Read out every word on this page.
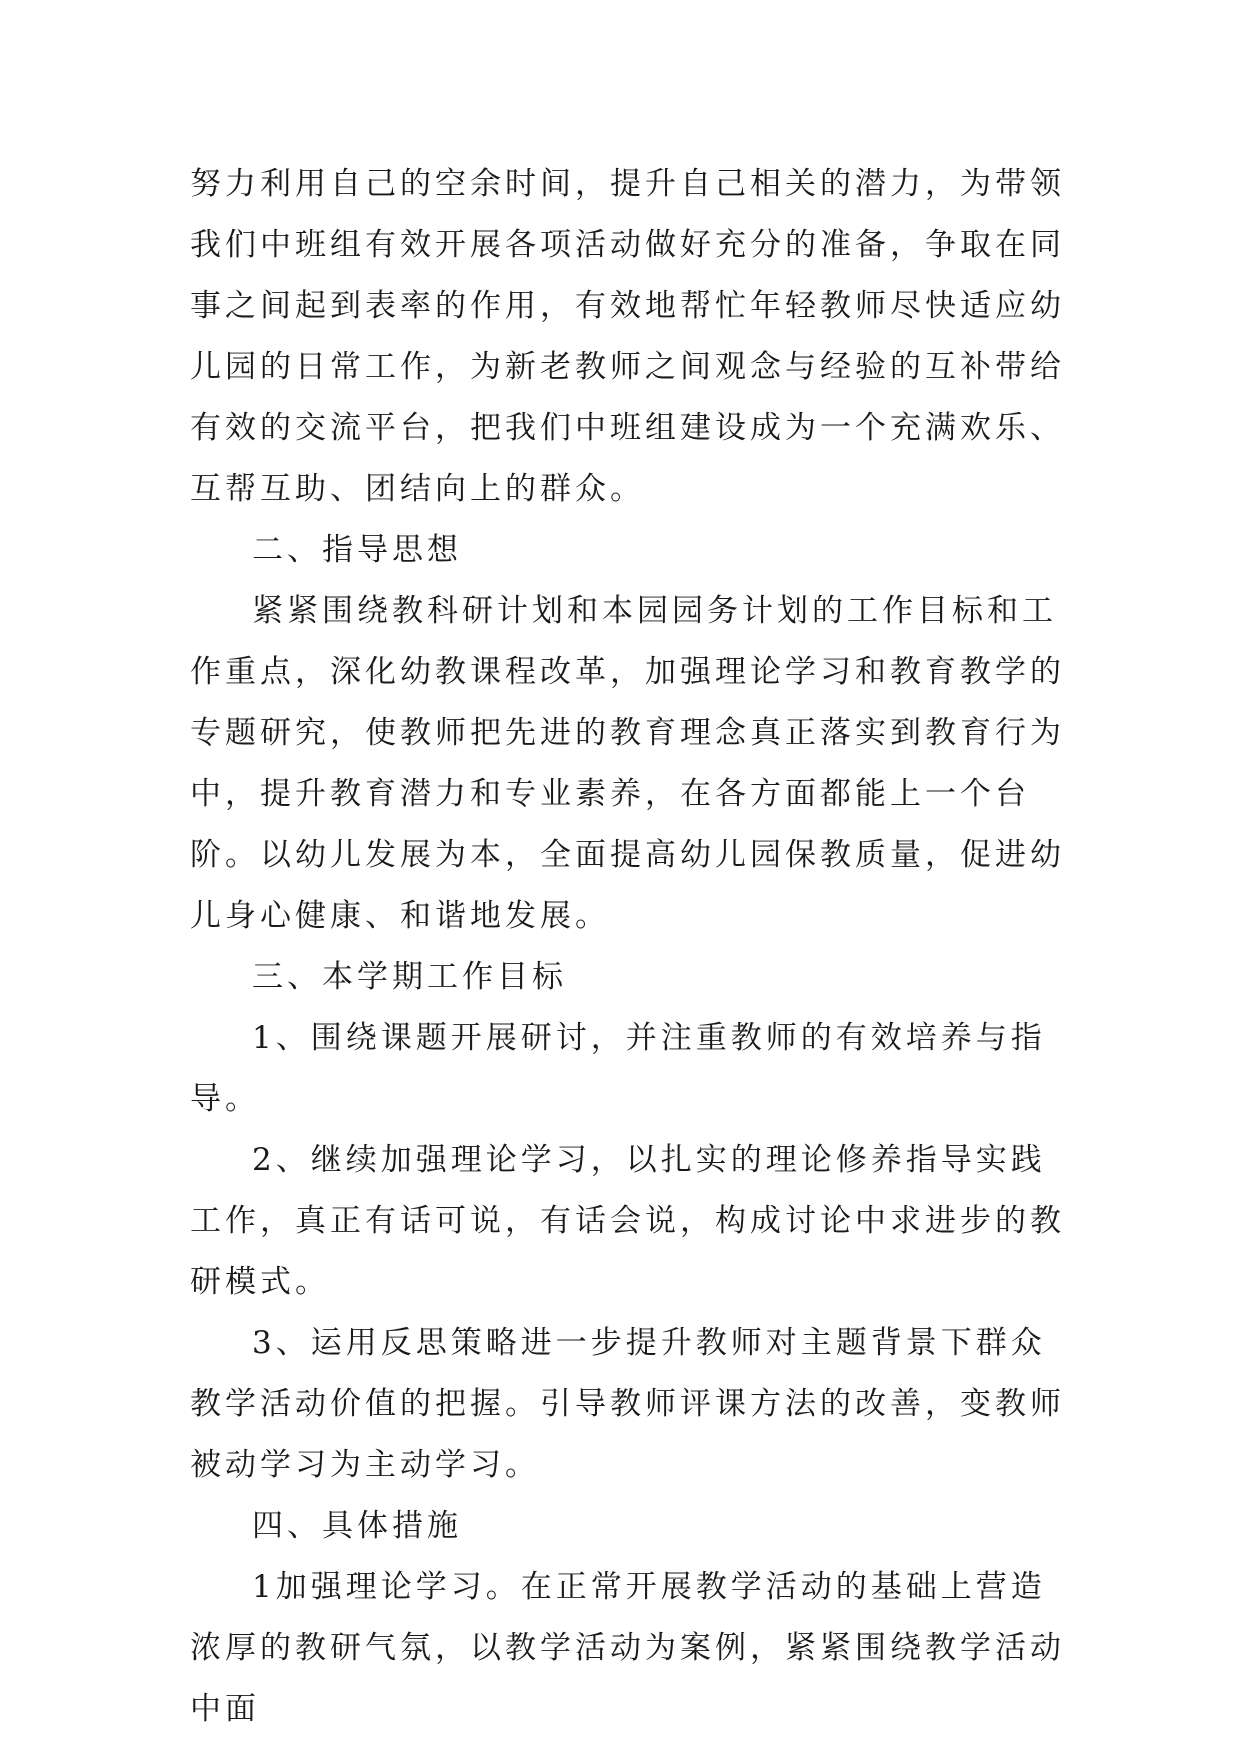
努力利用自己的空余时间，提升自己相关的潜力，为带领我们中班组有效开展各项活动做好充分的准备，争取在同事之间起到表率的作用，有效地帮忙年轻教师尽快适应幼儿园的日常工作，为新老教师之间观念与经验的互补带给有效的交流平台，把我们中班组建设成为一个充满欢乐、互帮互助、团结向上的群众。

二、指导思想

紧紧围绕教科研计划和本园园务计划的工作目标和工作重点，深化幼教课程改革，加强理论学习和教育教学的专题研究，使教师把先进的教育理念真正落实到教育行为中，提升教育潜力和专业素养，在各方面都能上一个台阶。以幼儿发展为本，全面提高幼儿园保教质量，促进幼儿身心健康、和谐地发展。

三、本学期工作目标

1、围绕课题开展研讨，并注重教师的有效培养与指导。

2、继续加强理论学习，以扎实的理论修养指导实践工作，真正有话可说，有话会说，构成讨论中求进步的教研模式。

3、运用反思策略进一步提升教师对主题背景下群众教学活动价值的把握。引导教师评课方法的改善，变教师被动学习为主动学习。

四、具体措施

1加强理论学习。在正常开展教学活动的基础上营造浓厚的教研气氛，以教学活动为案例，紧紧围绕教学活动中面
